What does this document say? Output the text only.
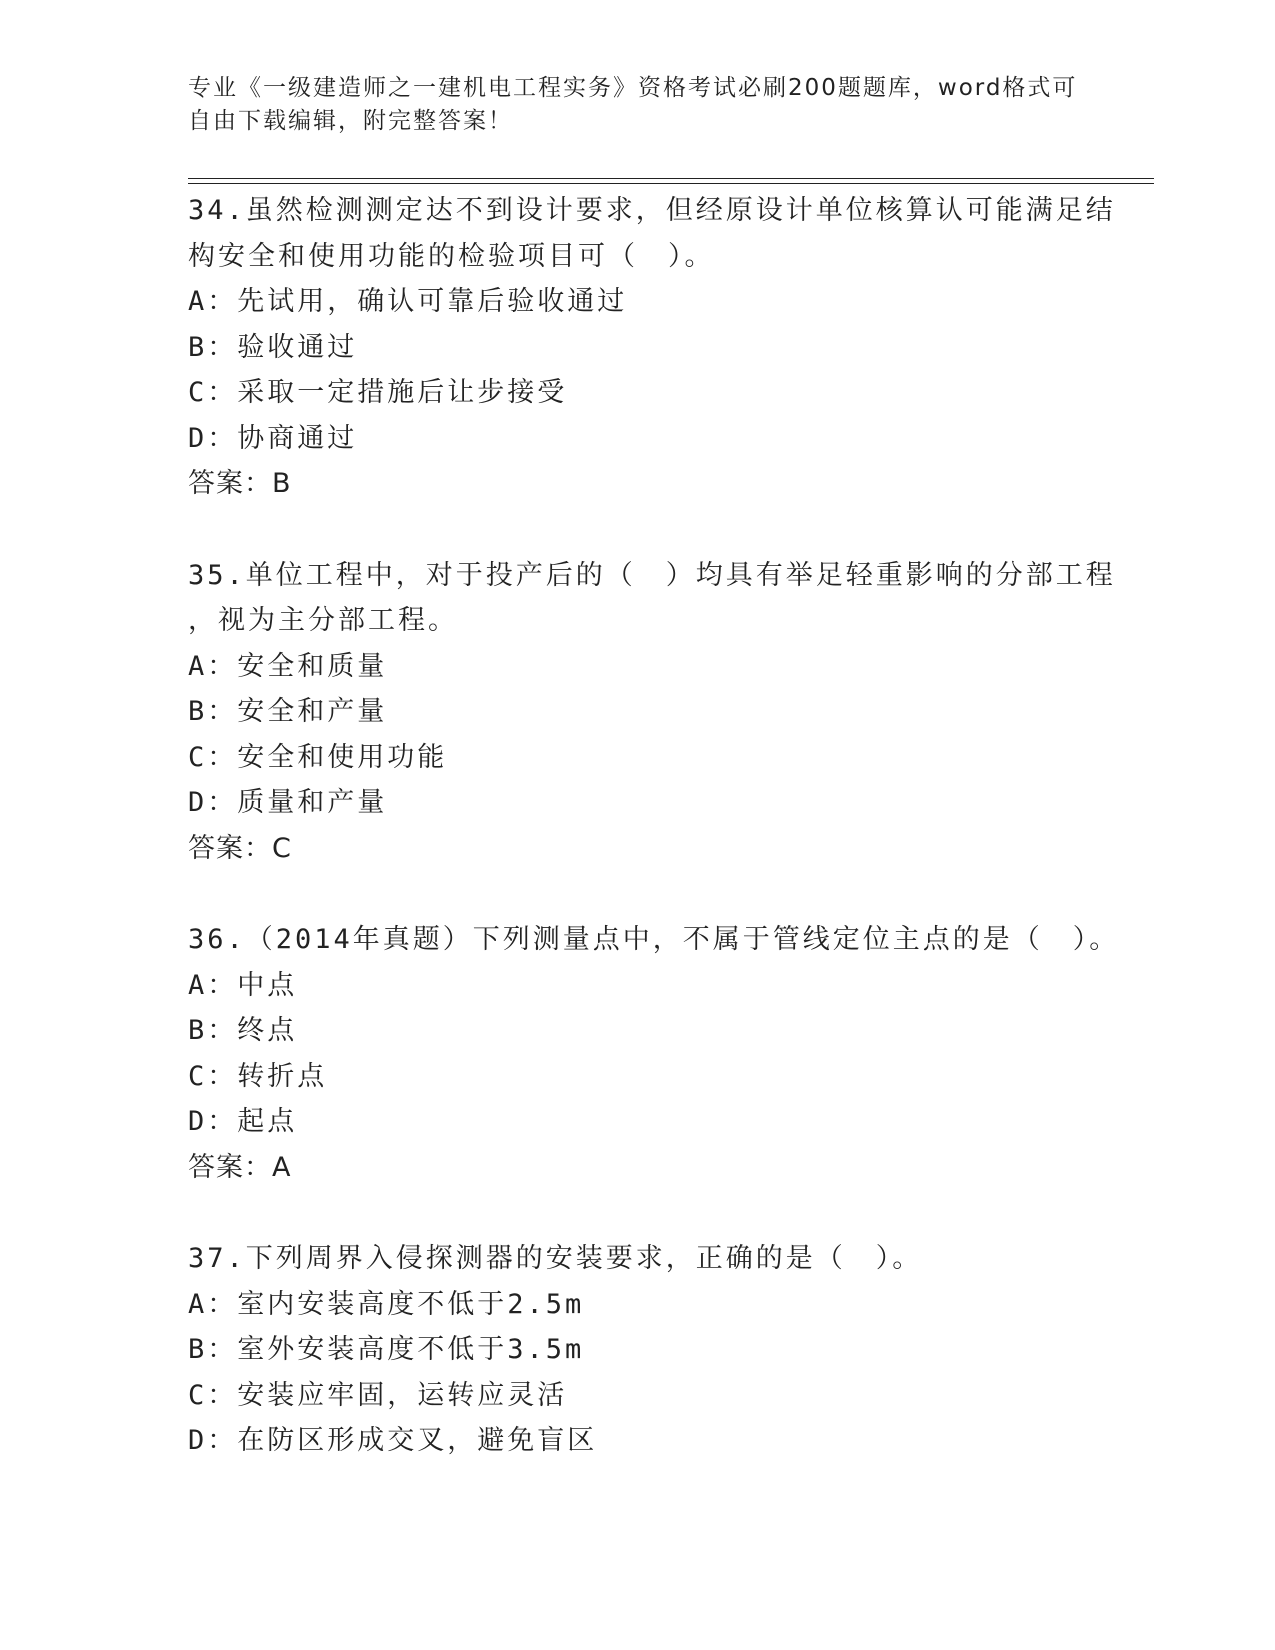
专业《一级建造师之一建机电工程实务》资格考试必刷200题题库，word格式可
自由下载编辑，附完整答案！
34.虽然检测测定达不到设计要求，但经原设计单位核算认可能满足结
构安全和使用功能的检验项目可（　）。
A：先试用，确认可靠后验收通过
B：验收通过
C：采取一定措施后让步接受
D：协商通过
答案：B
35.单位工程中，对于投产后的（　）均具有举足轻重影响的分部工程
，视为主分部工程。
A：安全和质量
B：安全和产量
C：安全和使用功能
D：质量和产量
答案：C
36.（2014年真题）下列测量点中，不属于管线定位主点的是（　）。
A：中点
B：终点
C：转折点
D：起点
答案：A
37.下列周界入侵探测器的安装要求，正确的是（　）。
A：室内安装高度不低于2.5m
B：室外安装高度不低于3.5m
C：安装应牢固，运转应灵活
D：在防区形成交叉，避免盲区
